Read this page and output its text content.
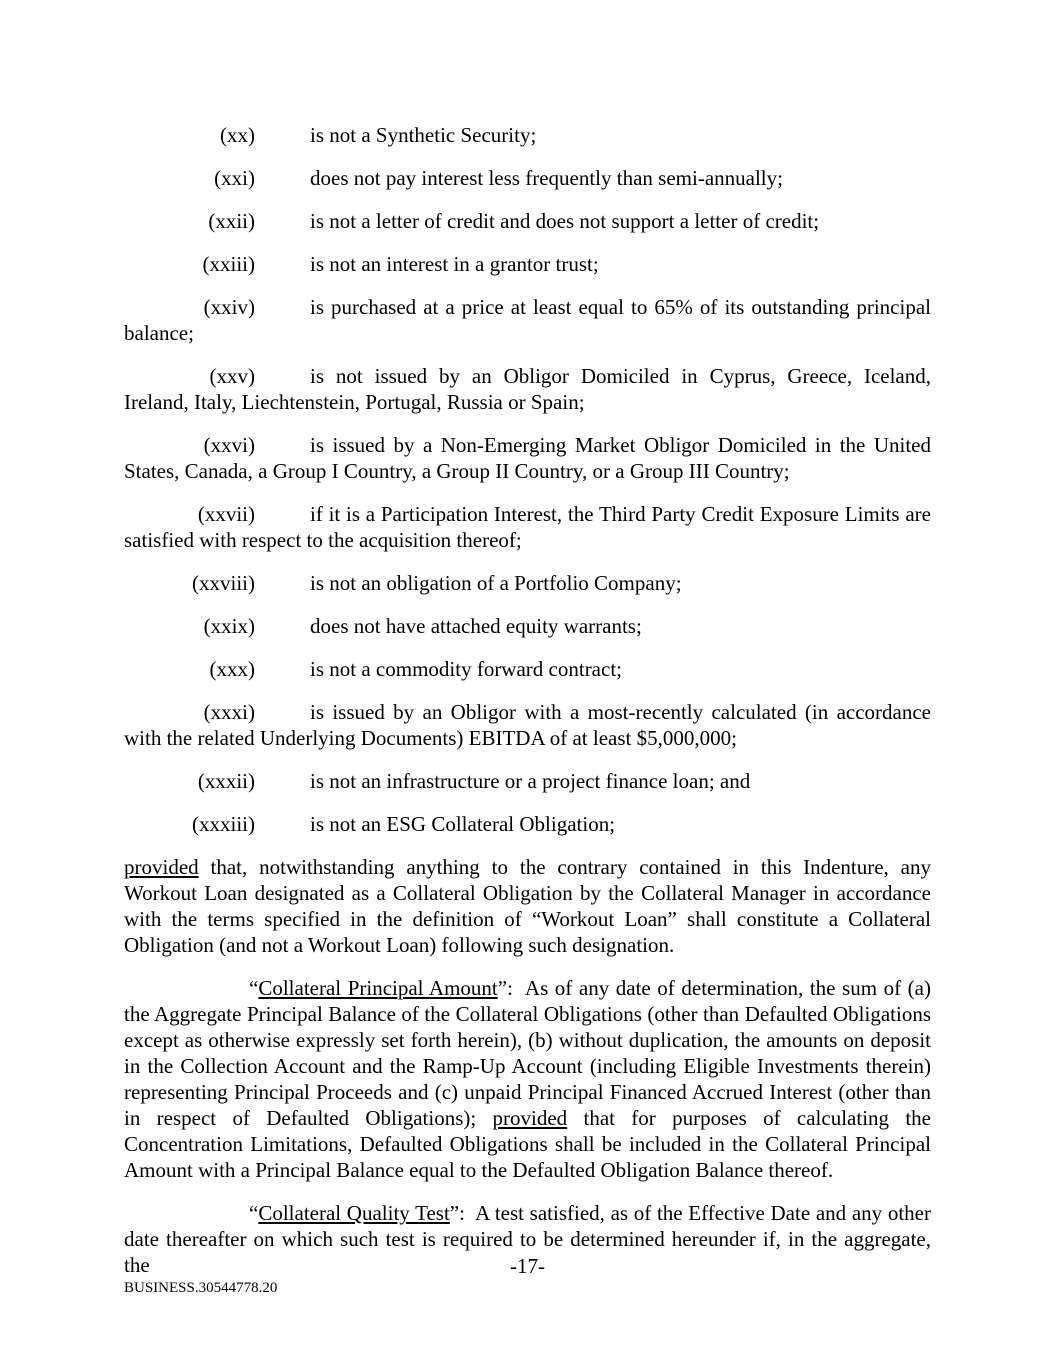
(xx)	is not a Synthetic Security;

(xxi)	does not pay interest less frequently than semi-annually;

(xxii)	is not a letter of credit and does not support a letter of credit;

(xxiii)	is not an interest in a grantor trust;

(xxiv)	is purchased at a price at least equal to 65% of its outstanding principal balance;

(xxv)	is not issued by an Obligor Domiciled in Cyprus, Greece, Iceland, Ireland, Italy, Liechtenstein, Portugal, Russia or Spain;

(xxvi)	is issued by a Non-Emerging Market Obligor Domiciled in the United States, Canada, a Group I Country, a Group II Country, or a Group III Country;

(xxvii)	if it is a Participation Interest, the Third Party Credit Exposure Limits are satisfied with respect to the acquisition thereof;

(xxviii)	is not an obligation of a Portfolio Company;

(xxix)	does not have attached equity warrants;

(xxx)	is not a commodity forward contract;

(xxxi)	is issued by an Obligor with a most-recently calculated (in accordance with the related Underlying Documents) EBITDA of at least $5,000,000;

(xxxii)	is not an infrastructure or a project finance loan; and

(xxxiii)	is not an ESG Collateral Obligation;

provided that, notwithstanding anything to the contrary contained in this Indenture, any Workout Loan designated as a Collateral Obligation by the Collateral Manager in accordance with the terms specified in the definition of “Workout Loan” shall constitute a Collateral Obligation (and not a Workout Loan) following such designation.

“Collateral Principal Amount”:  As of any date of determination, the sum of (a) the Aggregate Principal Balance of the Collateral Obligations (other than Defaulted Obligations except as otherwise expressly set forth herein), (b) without duplication, the amounts on deposit in the Collection Account and the Ramp-Up Account (including Eligible Investments therein) representing Principal Proceeds and (c) unpaid Principal Financed Accrued Interest (other than in respect of Defaulted Obligations); provided that for purposes of calculating the Concentration Limitations, Defaulted Obligations shall be included in the Collateral Principal Amount with a Principal Balance equal to the Defaulted Obligation Balance thereof.

“Collateral Quality Test”:  A test satisfied, as of the Effective Date and any other date thereafter on which such test is required to be determined hereunder if, in the aggregate, the	-17-
BUSINESS.30544778.20
